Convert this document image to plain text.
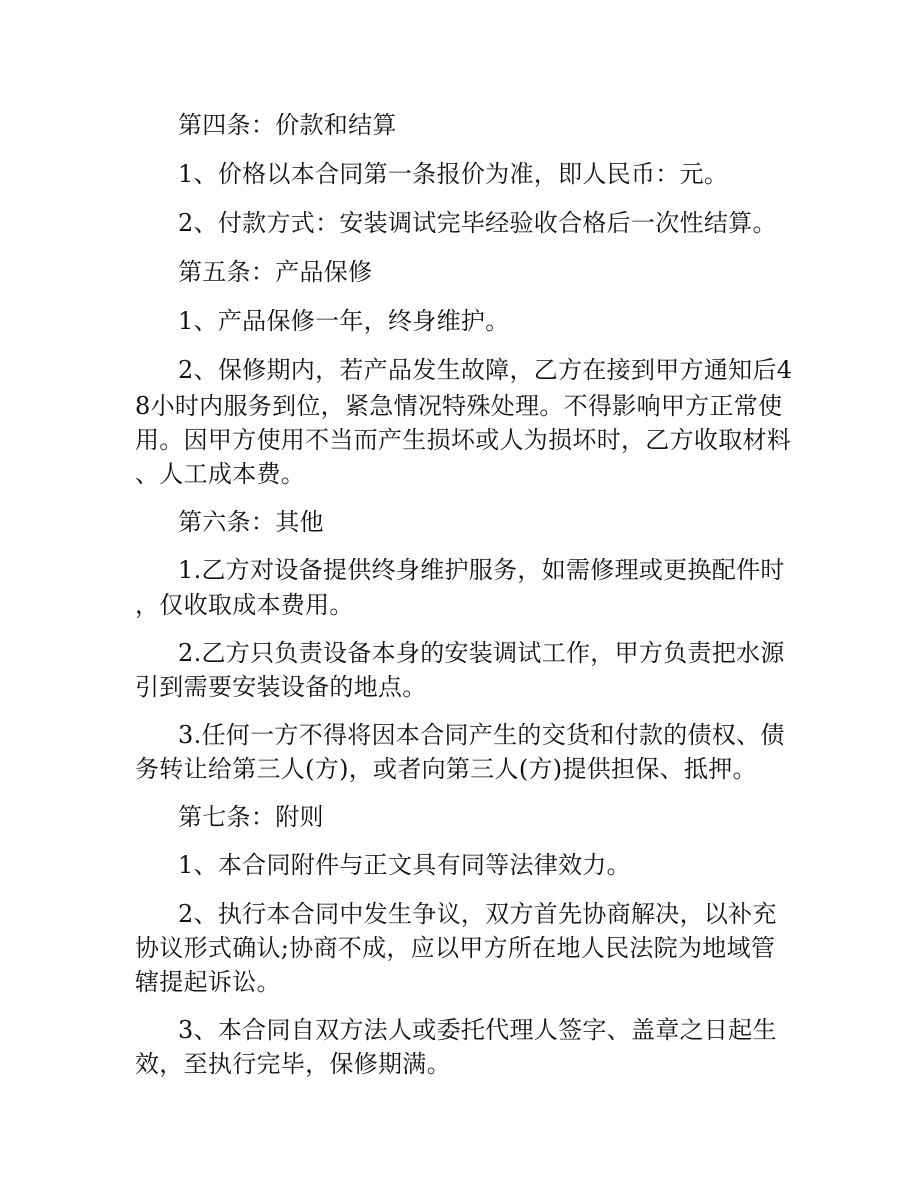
第四条：价款和结算
1、价格以本合同第一条报价为准，即人民币：元。
2、付款方式：安装调试完毕经验收合格后一次性结算。
第五条：产品保修
1、产品保修一年，终身维护。
2、保修期内，若产品发生故障，乙方在接到甲方通知后4
8小时内服务到位，紧急情况特殊处理。不得影响甲方正常使
用。因甲方使用不当而产生损坏或人为损坏时，乙方收取材料
、人工成本费。
第六条：其他
1.乙方对设备提供终身维护服务，如需修理或更换配件时
，仅收取成本费用。
2.乙方只负责设备本身的安装调试工作，甲方负责把水源
引到需要安装设备的地点。
3.任何一方不得将因本合同产生的交货和付款的债权、债
务转让给第三人(方)，或者向第三人(方)提供担保、抵押。
第七条：附则
1、本合同附件与正文具有同等法律效力。
2、执行本合同中发生争议，双方首先协商解决，以补充
协议形式确认;协商不成，应以甲方所在地人民法院为地域管
辖提起诉讼。
3、本合同自双方法人或委托代理人签字、盖章之日起生
效，至执行完毕，保修期满。
